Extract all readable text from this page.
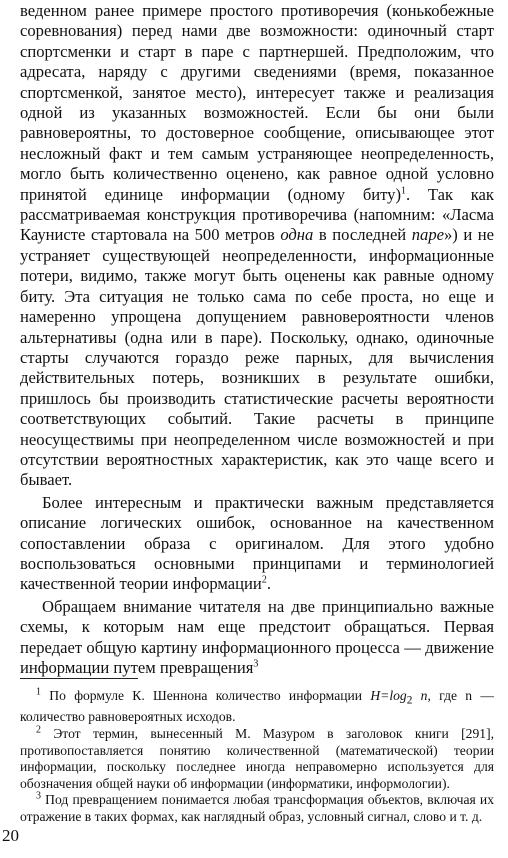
веденном ранее примере простого противоречия (конькобежные соревнования) перед нами две возможности: одиночный старт спортсменки и старт в паре с партнершей. Предположим, что адресата, наряду с другими сведениями (время, показанное спортсменкой, занятое место), интересует также и реализация одной из указанных возможностей. Если бы они были равновероятны, то достоверное сообщение, описывающее этот несложный факт и тем самым устраняющее неопределенность, могло быть количественно оценено, как равное одной условно принятой единице информации (одному биту)$^1$. Так как рассматриваемая конструкция противоречива (напомним: «Ласма Каунисте стартовала на 500 метров одна в последней паре») и не устраняет существующей неопределенности, информационные потери, видимо, также могут быть оценены как равные одному биту. Эта ситуация не только сама по себе проста, но еще и намеренно упрощена допущением равновероятности членов альтернативы (одна или в паре). Поскольку, однако, одиночные старты случаются гораздо реже парных, для вычисления действительных потерь, возникших в результате ошибки, пришлось бы производить статистические расчеты вероятности соответствующих событий. Такие расчеты в принципе неосуществимы при неопределенном числе возможностей и при отсутствии вероятностных характеристик, как это чаще всего и бывает.

Более интересным и практически важным представляется описание логических ошибок, основанное на качественном сопоставлении образа с оригиналом. Для этого удобно воспользоваться основными принципами и терминологией качественной теории информации$^2$.

Обращаем внимание читателя на две принципиально важные схемы, к которым нам еще предстоит обращаться. Первая передает общую картину информационного процесса — движение информации путем превращения$^3$

$^1$ По формуле К. Шеннона количество информации $H=\log_2$ n, где n — количество равновероятных исходов.

$^2$ Этот термин, вынесенный М. Мазуром в заголовок книги [291], противопоставляется понятию количественной (математической) теории информации, поскольку последнее иногда неправомерно используется для обозначения общей науки об информации (информатики, информологии).

$^3$ Под превращением понимается любая трансформация объектов, включая их отражение в таких формах, как наглядный образ, условный сигнал, слово и т. д.

20
